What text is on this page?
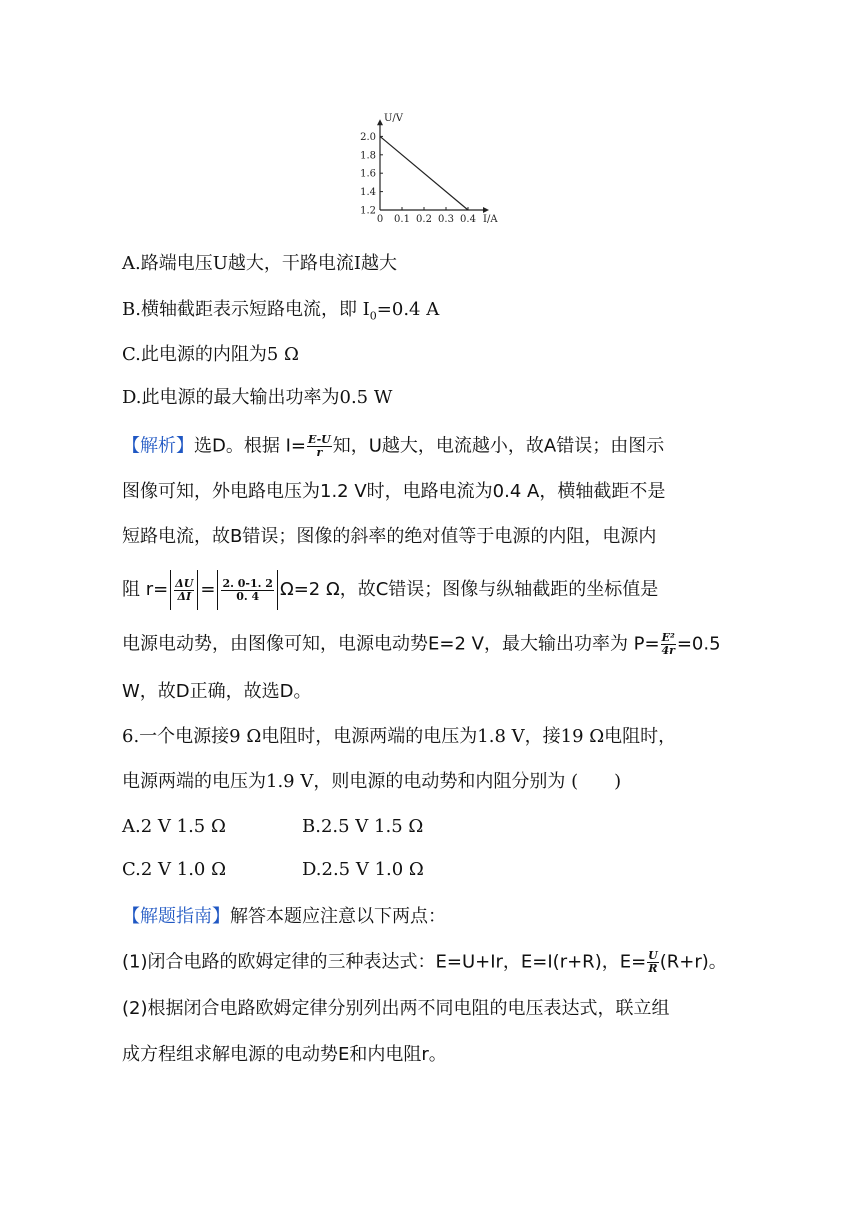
0 0.1 0.2 0.3 0.4
1.2
1.4
1.6
1.8
2.0
I/A
U/V
A.路端电压U越大，干路电流I越大
B.横轴截距表示短路电流，即 $I_0=0.4$ A
C.此电源的内阻为5 Ω
D.此电源的最大输出功率为0.5 W
【解析】选D。根据 $I= \frac{E-U}{r}$ 知，U越大，电流越小，故A错误；由图示
图像可知，外电路电压为1.2 V时，电路电流为0.4 A，横轴截距不是
短路电流，故B错误；图像的斜率的绝对值等于电源的内阻，电源内
阻 $r= \frac{\Delta U}{\Delta I} = \frac{2. 0-1. 2}{0. 4} \Omega=2$ Ω，故C错误；图像与纵轴截距的坐标值是
电源电动势，由图像可知，电源电动势E=2 V，最大输出功率为 $P= \frac{\text{E²}}{4r} =0.5$
W，故D正确，故选D。
6.一个电源接9 Ω电阻时，电源两端的电压为1.8 V，接19 Ω电阻时，
电源两端的电压为1.9 V，则电源的电动势和内阻分别为 (　　)
A.2 V 1.5 Ω	B.2.5 V 1.5 Ω
C.2 V 1.0 Ω	D.2.5 V 1.0 Ω
【解题指南】解答本题应注意以下两点：
(1)闭合电路的欧姆定律的三种表达式：E=U+Ir，E=I(r+R)，$E= \frac{U}{R} (R+r)$。
(2)根据闭合电路欧姆定律分别列出两不同电阻的电压表达式，联立组
成方程组求解电源的电动势E和内电阻r。
